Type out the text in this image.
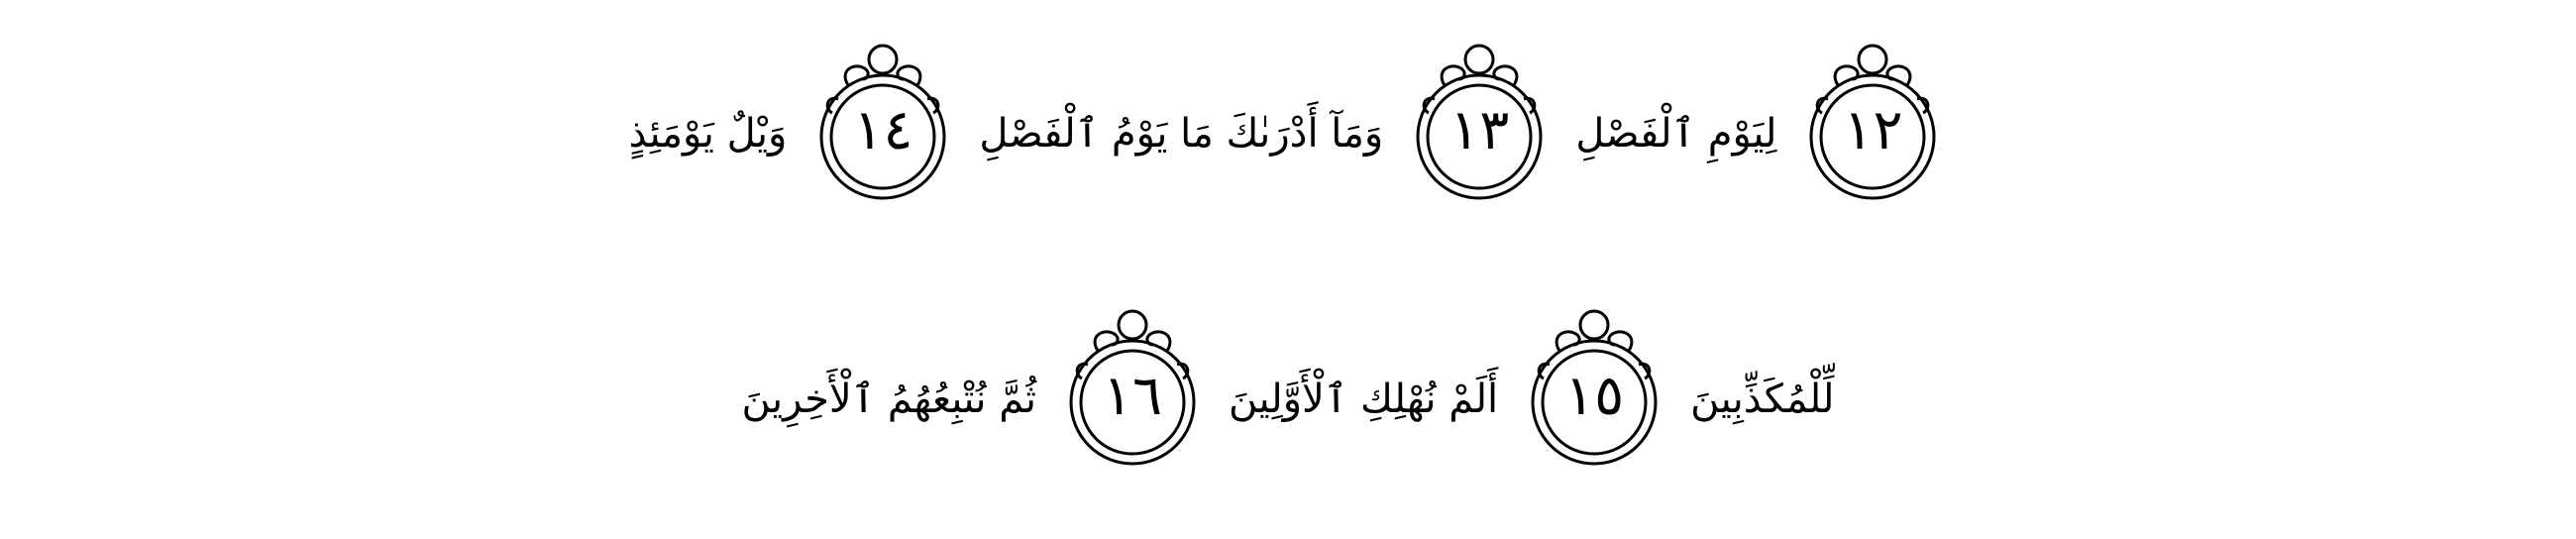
١٢
لِيَوْمِ ٱلْفَصْلِ
١٣
وَمَآ أَدْرَىٰكَ مَا يَوْمُ ٱلْفَصْلِ
١٤
وَيْلٌ يَوْمَئِذٍ
لِّلْمُكَذِّبِينَ
١٥
أَلَمْ نُهْلِكِ ٱلْأَوَّلِينَ
١٦
ثُمَّ نُتْبِعُهُمُ ٱلْأَخِرِينَ
